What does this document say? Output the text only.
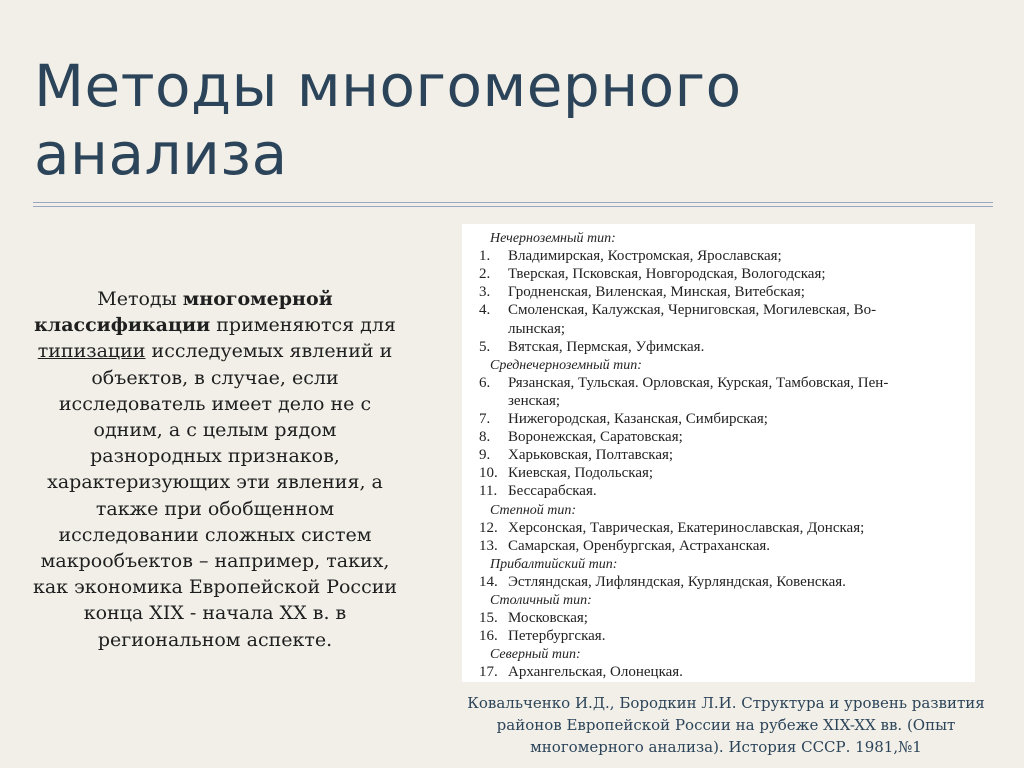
Методы многомерного
анализа
Методы многомерной классификации применяются для типизации исследуемых явлений и объектов, в случае, если исследователь имеет дело не с одним, а с целым рядом разнородных признаков, характеризующих эти явления, а также при обобщенном исследовании сложных систем макрообъектов – например, таких, как экономика Европейской России конца XIX - начала XX в. в региональном аспекте.
Нечерноземный тип:
1.	Владимирская, Костромская, Ярославская;
2.	Тверская, Псковская, Новгородская, Вологодская;
3.	Гродненская, Виленская, Минская, Витебская;
4.	Смоленская, Калужская, Черниговская, Могилевская, Во-
лынская;
5.	Вятская, Пермская, Уфимская.
Среднечерноземный тип:
6.	Рязанская, Тульская. Орловская, Курская, Тамбовская, Пен-
зенская;
7.	Нижегородская, Казанская, Симбирская;
8.	Воронежская, Саратовская;
9.	Харьковская, Полтавская;
10. Киевская, Подольская;
11. Бессарабская.
Степной тип:
12. Херсонская, Таврическая, Екатеринославская, Донская;
13. Самарская, Оренбургская, Астраханская.
Прибалтийский тип:
14. Эстляндская, Лифляндская, Курляндская, Ковенская.
Столичный тип:
15. Московская;
16. Петербургская.
Северный тип:
17. Архангельская, Олонецкая.
Ковальченко И.Д., Бородкин Л.И. Структура и уровень развития
районов Европейской России на рубеже XIX-XX вв. (Опыт
многомерного анализа). История СССР. 1981,№1
